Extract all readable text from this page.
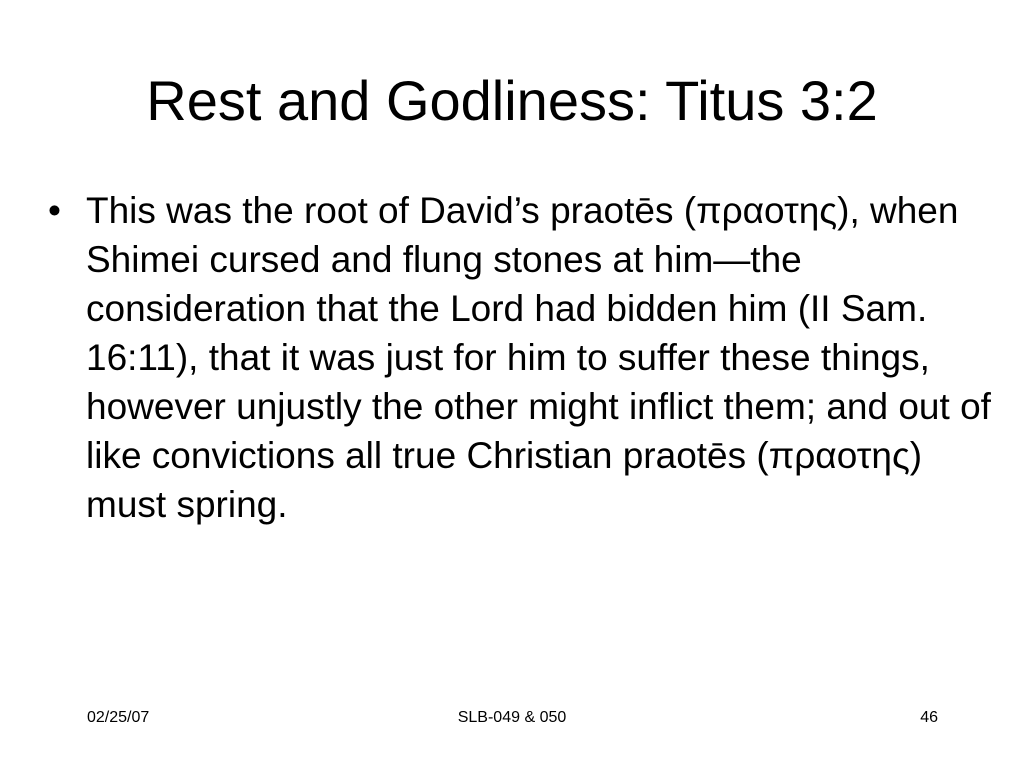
Rest and Godliness: Titus 3:2
• This was the root of David’s praotēs (πραοτης), when Shimei cursed and flung stones at him—the consideration that the Lord had bidden him (II Sam. 16:11), that it was just for him to suffer these things, however unjustly the other might inflict them; and out of like convictions all true Christian praotēs (πραοτης) must spring.
02/25/07	SLB-049 & 050	46
